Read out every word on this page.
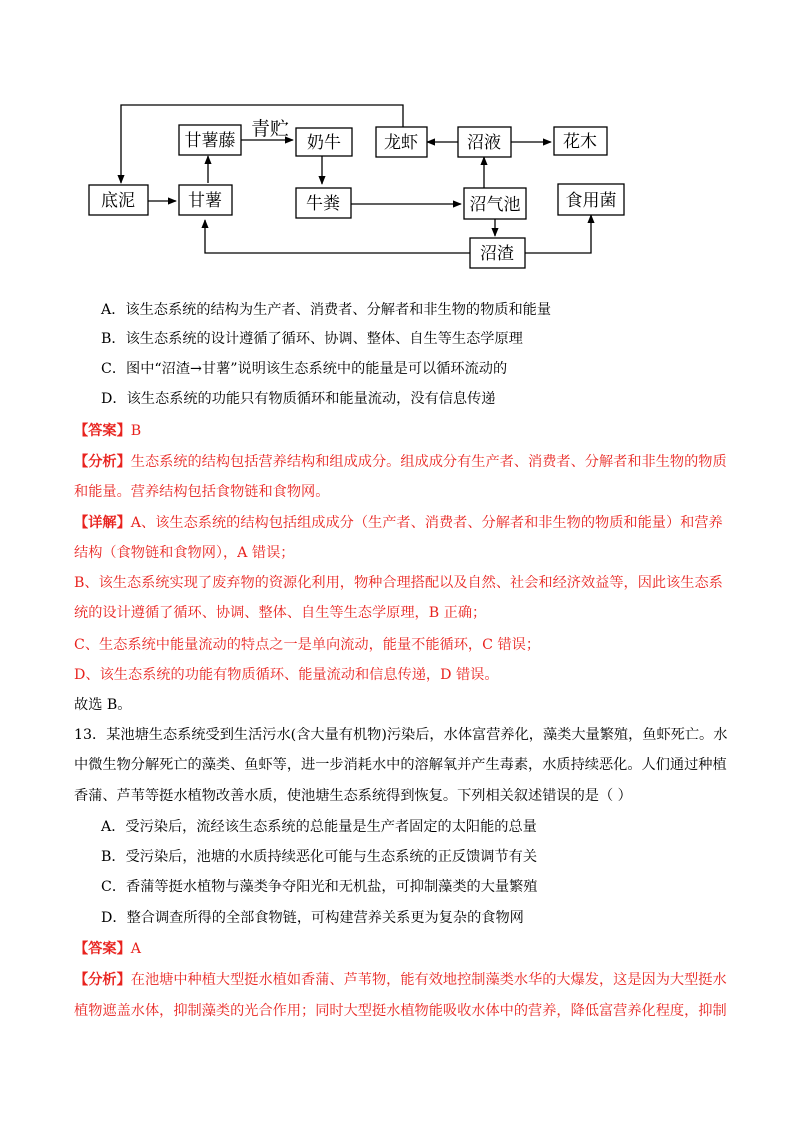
底泥
甘薯藤
甘薯
奶牛
牛粪
龙虾	沼液	花木
沼气池	食用菌
沼渣
青贮
A．该生态系统的结构为生产者、消费者、分解者和非生物的物质和能量
B．该生态系统的设计遵循了循环、协调、整体、自生等生态学原理
C．图中“沼渣→甘薯”说明该生态系统中的能量是可以循环流动的
D．该生态系统的功能只有物质循环和能量流动，没有信息传递
【答案】B
【分析】生态系统的结构包括营养结构和组成成分。组成成分有生产者、消费者、分解者和非生物的物质
和能量。营养结构包括食物链和食物网。
【详解】A、该生态系统的结构包括组成成分（生产者、消费者、分解者和非生物的物质和能量）和营养
结构（食物链和食物网），A 错误；
B、该生态系统实现了废弃物的资源化利用，物种合理搭配以及自然、社会和经济效益等，因此该生态系
统的设计遵循了循环、协调、整体、自生等生态学原理，B 正确；
C、生态系统中能量流动的特点之一是单向流动，能量不能循环，C 错误；
D、该生态系统的功能有物质循环、能量流动和信息传递，D 错误。
故选 B。
13．某池塘生态系统受到生活污水(含大量有机物)污染后，水体富营养化，藻类大量繁殖，鱼虾死亡。水
中微生物分解死亡的藻类、鱼虾等，进一步消耗水中的溶解氧并产生毒素，水质持续恶化。人们通过种植
香蒲、芦苇等挺水植物改善水质，使池塘生态系统得到恢复。下列相关叙述错误的是（ ）
A．受污染后，流经该生态系统的总能量是生产者固定的太阳能的总量
B．受污染后，池塘的水质持续恶化可能与生态系统的正反馈调节有关
C．香蒲等挺水植物与藻类争夺阳光和无机盐，可抑制藻类的大量繁殖
D．整合调查所得的全部食物链，可构建营养关系更为复杂的食物网
【答案】A
【分析】在池塘中种植大型挺水植如香蒲、芦苇物，能有效地控制藻类水华的大爆发，这是因为大型挺水
植物遮盖水体，抑制藻类的光合作用；同时大型挺水植物能吸收水体中的营养，降低富营养化程度，抑制
